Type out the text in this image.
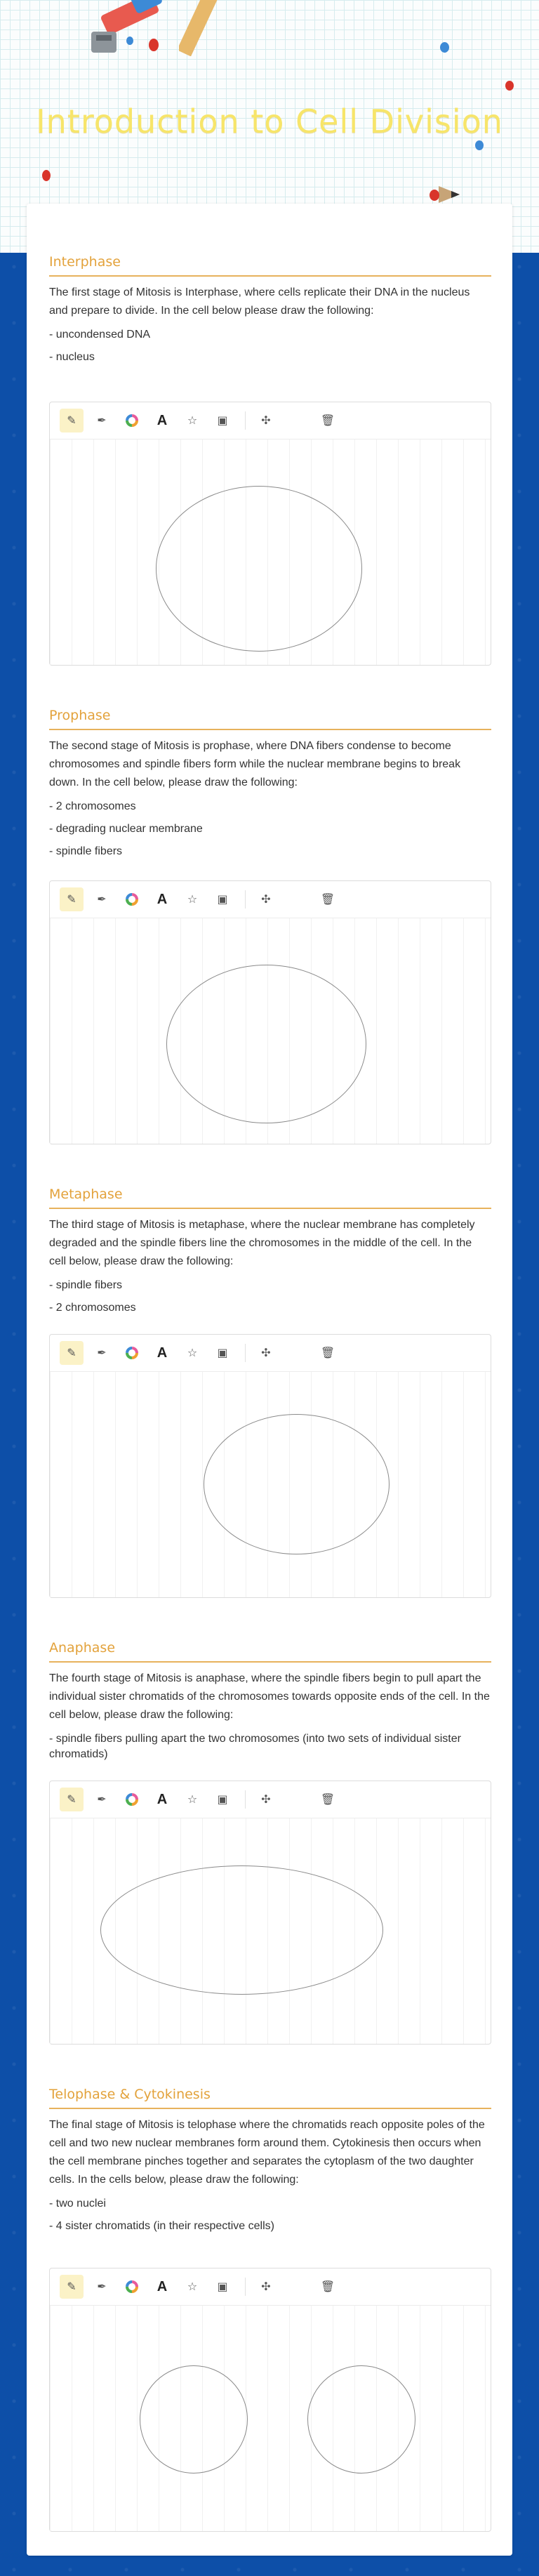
Introduction to Cell Division
Interphase

The first stage of Mitosis is Interphase, where cells replicate their DNA in the nucleus and prepare to divide. In the cell below please draw the following:

- uncondensed DNA

- nucleus

✎ ✒	A ☆ ▣	✣	🗑
Prophase

The second stage of Mitosis is prophase, where DNA fibers condense to become chromosomes and spindle fibers form while the nuclear membrane begins to break down. In the cell below, please draw the following:

- 2 chromosomes

- degrading nuclear membrane

- spindle fibers

✎ ✒	A ☆ ▣	✣	🗑
Metaphase

The third stage of Mitosis is metaphase, where the nuclear membrane has completely degraded and the spindle fibers line the chromosomes in the middle of the cell. In the cell below, please draw the following:

- spindle fibers

- 2 chromosomes

✎ ✒	A ☆ ▣	✣	🗑
Anaphase

The fourth stage of Mitosis is anaphase, where the spindle fibers begin to pull apart the individual sister chromatids of the chromosomes towards opposite ends of the cell. In the cell below, please draw the following:

- spindle fibers pulling apart the two chromosomes (into two sets of individual sister chromatids)

✎ ✒	A ☆ ▣	✣	🗑
Telophase & Cytokinesis

The final stage of Mitosis is telophase where the chromatids reach opposite poles of the cell and two new nuclear membranes form around them. Cytokinesis then occurs when the cell membrane pinches together and separates the cytoplasm of the two daughter cells. In the cells below, please draw the following:

- two nuclei

- 4 sister chromatids (in their respective cells)

✎ ✒	A ☆ ▣	✣	🗑
